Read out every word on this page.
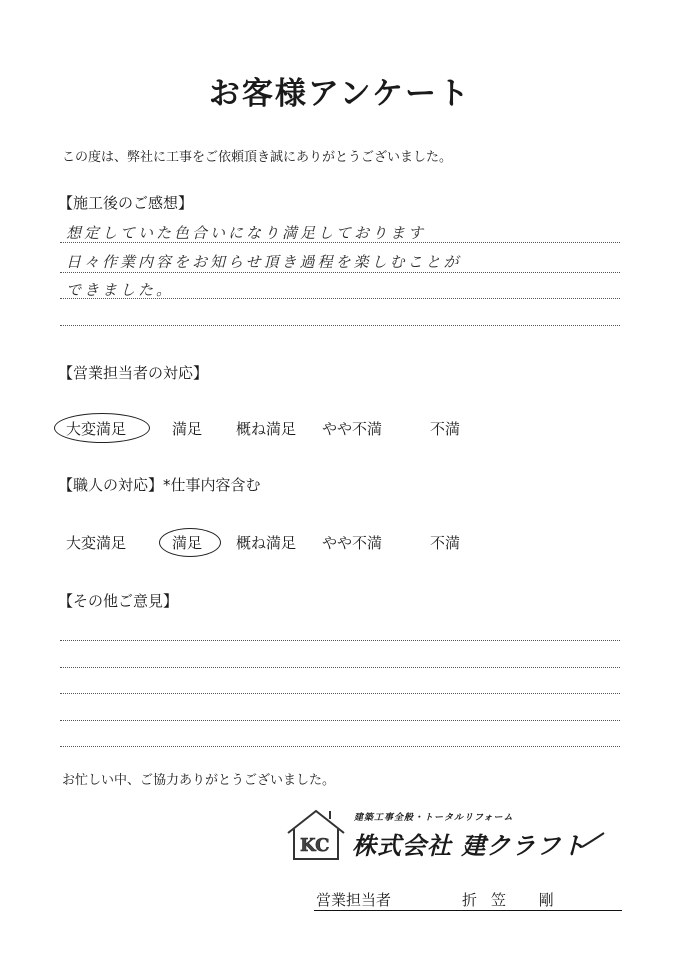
お客様アンケート
この度は、弊社に工事をご依頼頂き誠にありがとうございました。
【施工後のご感想】
想定していた色合いになり満足しております
日々作業内容をお知らせ頂き過程を楽しむことが
できました。
【営業担当者の対応】
大変満足	満足 概ね満足 やや不満	不満
【職人の対応】*仕事内容含む
大変満足	満足 概ね満足 やや不満	不満
【その他ご意見】
お忙しい中、ご協力ありがとうございました。
KC
建築工事全般・トータルリフォーム
株式会社 建クラフト
営業担当者	折笠 剛
